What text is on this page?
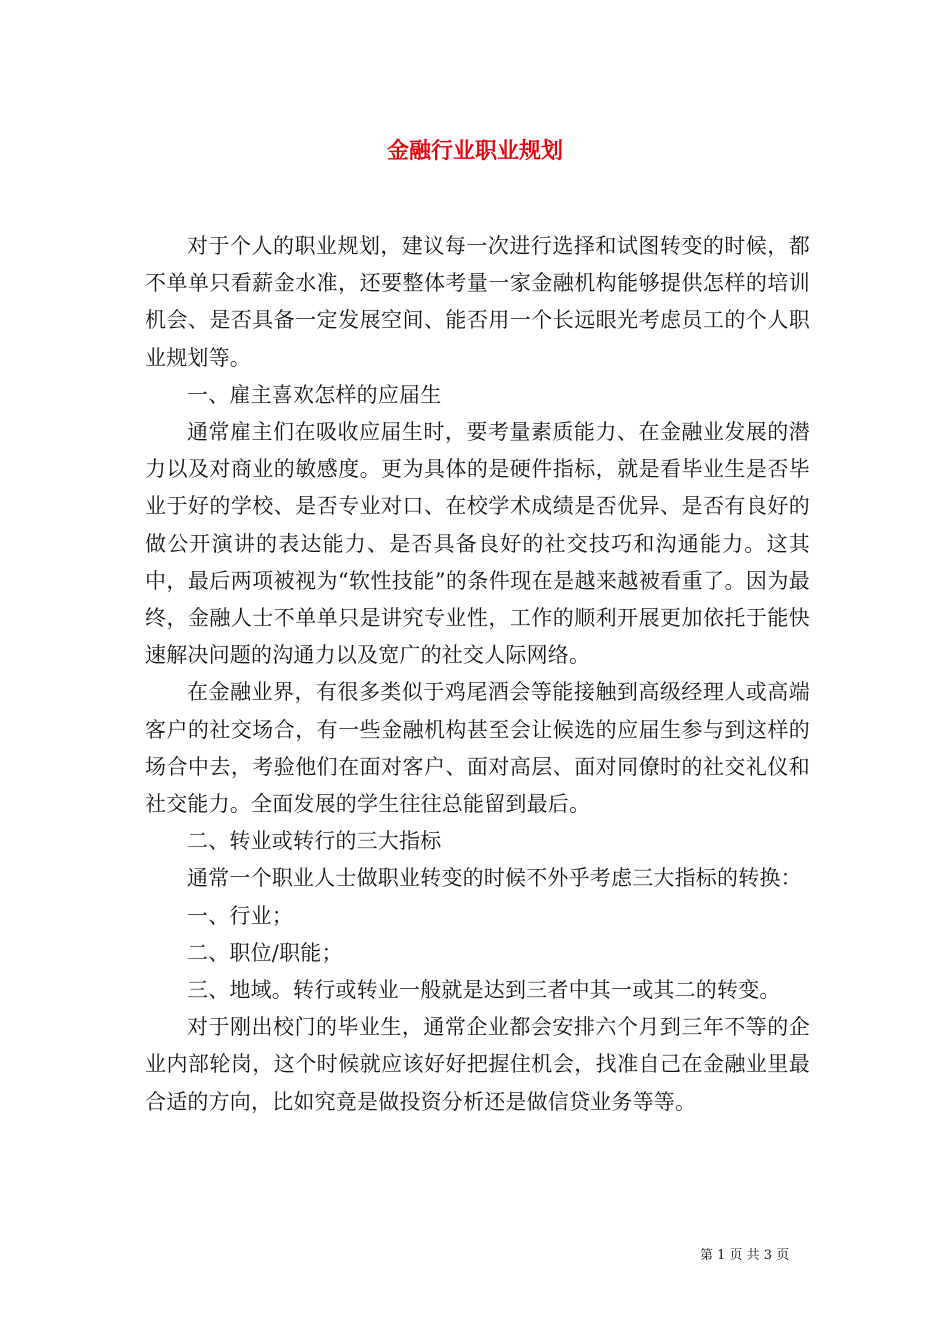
金融行业职业规划

对于个人的职业规划，建议每一次进行选择和试图转变的时候，都不单单只看薪金水准，还要整体考量一家金融机构能够提供怎样的培训机会、是否具备一定发展空间、能否用一个长远眼光考虑员工的个人职业规划等。

一、雇主喜欢怎样的应届生

通常雇主们在吸收应届生时，要考量素质能力、在金融业发展的潜力以及对商业的敏感度。更为具体的是硬件指标，就是看毕业生是否毕业于好的学校、是否专业对口、在校学术成绩是否优异、是否有良好的做公开演讲的表达能力、是否具备良好的社交技巧和沟通能力。这其中，最后两项被视为“软性技能”的条件现在是越来越被看重了。因为最终，金融人士不单单只是讲究专业性，工作的顺利开展更加依托于能快速解决问题的沟通力以及宽广的社交人际网络。

在金融业界，有很多类似于鸡尾酒会等能接触到高级经理人或高端客户的社交场合，有一些金融机构甚至会让候选的应届生参与到这样的场合中去，考验他们在面对客户、面对高层、面对同僚时的社交礼仪和社交能力。全面发展的学生往往总能留到最后。

二、转业或转行的三大指标

通常一个职业人士做职业转变的时候不外乎考虑三大指标的转换：

一、行业；

二、职位/职能；

三、地域。转行或转业一般就是达到三者中其一或其二的转变。

对于刚出校门的毕业生，通常企业都会安排六个月到三年不等的企业内部轮岗，这个时候就应该好好把握住机会，找准自己在金融业里最合适的方向，比如究竟是做投资分析还是做信贷业务等等。

第 1 页 共 3 页
